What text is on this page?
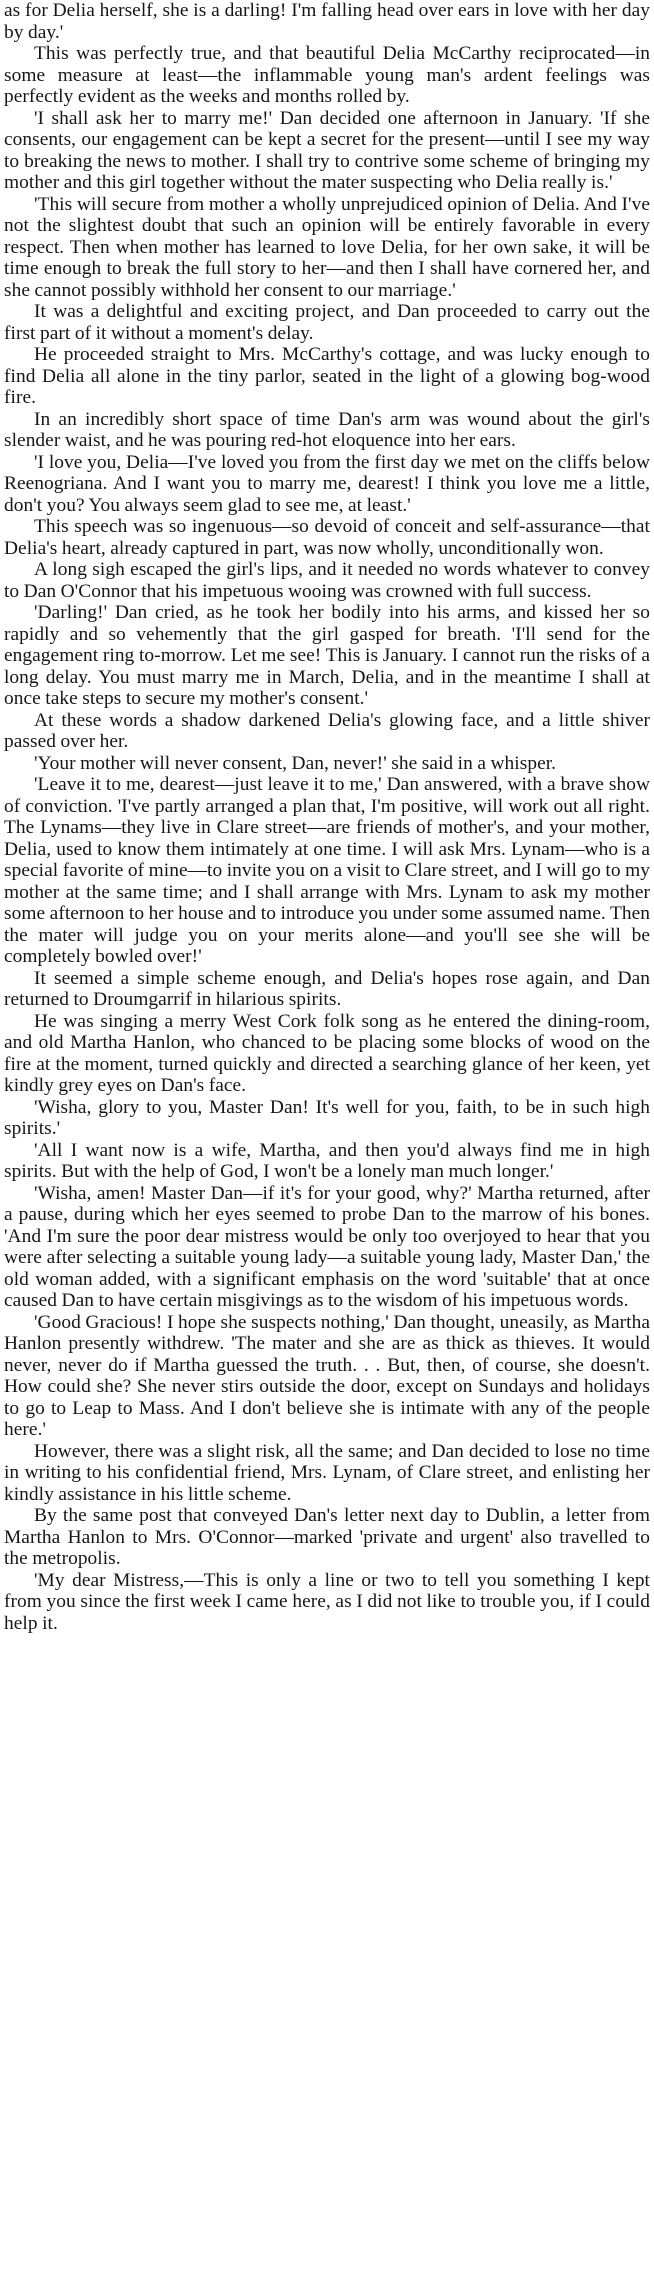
as for Delia herself, she is a darling! I'm falling head over ears in love with her day by day.'

This was perfectly true, and that beautiful Delia McCarthy reciprocated—in some measure at least—the inflammable young man's ardent feelings was perfectly evident as the weeks and months rolled by.

'I shall ask her to marry me!' Dan decided one afternoon in January. 'If she consents, our engagement can be kept a secret for the present—until I see my way to breaking the news to mother. I shall try to contrive some scheme of bringing my mother and this girl together without the mater suspecting who Delia really is.'

'This will secure from mother a wholly unprejudiced opinion of Delia. And I've not the slightest doubt that such an opinion will be entirely favorable in every respect. Then when mother has learned to love Delia, for her own sake, it will be time enough to break the full story to her—and then I shall have cornered her, and she cannot possibly withhold her consent to our marriage.'

It was a delightful and exciting project, and Dan proceeded to carry out the first part of it without a moment's delay.

He proceeded straight to Mrs. McCarthy's cottage, and was lucky enough to find Delia all alone in the tiny parlor, seated in the light of a glowing bog-wood fire.

In an incredibly short space of time Dan's arm was wound about the girl's slender waist, and he was pouring red-hot eloquence into her ears.

'I love you, Delia—I've loved you from the first day we met on the cliffs below Reenogriana. And I want you to marry me, dearest! I think you love me a little, don't you? You always seem glad to see me, at least.'

This speech was so ingenuous—so devoid of conceit and self-assurance—that Delia's heart, already captured in part, was now wholly, unconditionally won.

A long sigh escaped the girl's lips, and it needed no words whatever to convey to Dan O'Connor that his impetuous wooing was crowned with full success.

'Darling!' Dan cried, as he took her bodily into his arms, and kissed her so rapidly and so vehemently that the girl gasped for breath. 'I'll send for the engagement ring to-morrow. Let me see! This is January. I cannot run the risks of a long delay. You must marry me in March, Delia, and in the meantime I shall at once take steps to secure my mother's consent.'

At these words a shadow darkened Delia's glowing face, and a little shiver passed over her.

'Your mother will never consent, Dan, never!' she said in a whisper.

'Leave it to me, dearest—just leave it to me,' Dan answered, with a brave show of conviction. 'I've partly arranged a plan that, I'm positive, will work out all right. The Lynams—they live in Clare street—are friends of mother's, and your mother, Delia, used to know them intimately at one time. I will ask Mrs. Lynam—who is a special favorite of mine—to invite you on a visit to Clare street, and I will go to my mother at the same time; and I shall arrange with Mrs. Lynam to ask my mother some afternoon to her house and to introduce you under some assumed name. Then the mater will judge you on your merits alone—and you'll see she will be completely bowled over!'

It seemed a simple scheme enough, and Delia's hopes rose again, and Dan returned to Droumgarrif in hilarious spirits.

He was singing a merry West Cork folk song as he entered the dining-room, and old Martha Hanlon, who chanced to be placing some blocks of wood on the fire at the moment, turned quickly and directed a searching glance of her keen, yet kindly grey eyes on Dan's face.

'Wisha, glory to you, Master Dan! It's well for you, faith, to be in such high spirits.'

'All I want now is a wife, Martha, and then you'd always find me in high spirits. But with the help of God, I won't be a lonely man much longer.'

'Wisha, amen! Master Dan—if it's for your good, why?' Martha returned, after a pause, during which her eyes seemed to probe Dan to the marrow of his bones. 'And I'm sure the poor dear mistress would be only too overjoyed to hear that you were after selecting a suitable young lady—a suitable young lady, Master Dan,' the old woman added, with a significant emphasis on the word 'suitable' that at once caused Dan to have certain misgivings as to the wisdom of his impetuous words.

'Good Gracious! I hope she suspects nothing,' Dan thought, uneasily, as Martha Hanlon presently withdrew. 'The mater and she are as thick as thieves. It would never, never do if Martha guessed the truth. . . But, then, of course, she doesn't. How could she? She never stirs outside the door, except on Sundays and holidays to go to Leap to Mass. And I don't believe she is intimate with any of the people here.'

However, there was a slight risk, all the same; and Dan decided to lose no time in writing to his confidential friend, Mrs. Lynam, of Clare street, and enlisting her kindly assistance in his little scheme.

By the same post that conveyed Dan's letter next day to Dublin, a letter from Martha Hanlon to Mrs. O'Connor—marked 'private and urgent' also travelled to the metropolis.

'My dear Mistress,—This is only a line or two to tell you something I kept from you since the first week I came here, as I did not like to trouble you, if I could help it.
